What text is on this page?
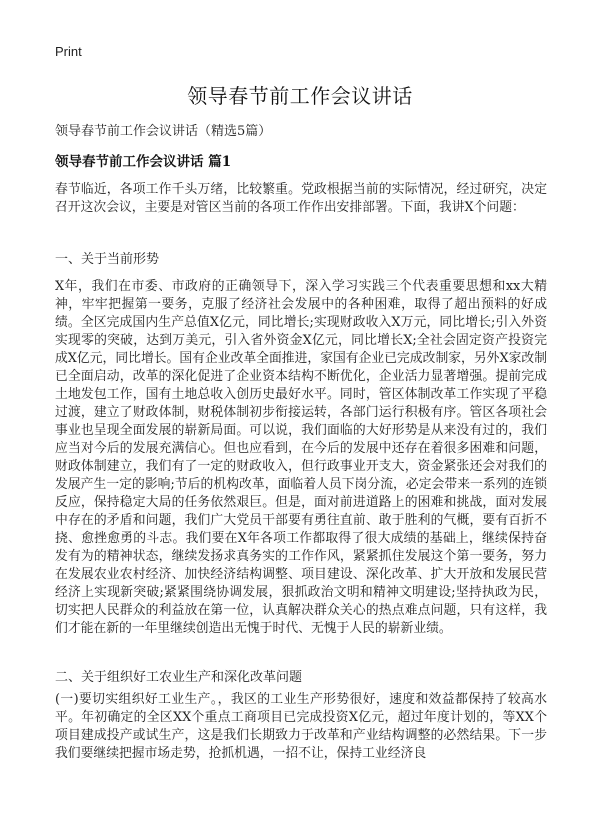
Print
领导春节前工作会议讲话
领导春节前工作会议讲话（精选5篇）
领导春节前工作会议讲话 篇1

春节临近，各项工作千头万绪，比较繁重。党政根据当前的实际情况，经过研究，决定召开这次会议，主要是对管区当前的各项工作作出安排部署。下面，我讲X个问题：

一、关于当前形势

X年，我们在市委、市政府的正确领导下，深入学习实践三个代表重要思想和xx大精神，牢牢把握第一要务，克服了经济社会发展中的各种困难，取得了超出预料的好成绩。全区完成国内生产总值X亿元，同比增长;实现财政收入X万元，同比增长;引入外资实现零的突破，达到万美元，引入省外资金X亿元，同比增长X;全社会固定资产投资完成X亿元，同比增长。国有企业改革全面推进，家国有企业已完成改制家，另外X家改制已全面启动，改革的深化促进了企业资本结构不断优化，企业活力显著增强。提前完成土地发包工作，国有土地总收入创历史最好水平。同时，管区体制改革工作实现了平稳过渡，建立了财政体制，财税体制初步衔接运转，各部门运行积极有序。管区各项社会事业也呈现全面发展的崭新局面。可以说，我们面临的大好形势是从来没有过的，我们应当对今后的发展充满信心。但也应看到，在今后的发展中还存在着很多困难和问题，财政体制建立，我们有了一定的财政收入，但行政事业开支大，资金紧张还会对我们的发展产生一定的影响;节后的机构改革，面临着人员下岗分流，必定会带来一系列的连锁反应，保持稳定大局的任务依然艰巨。但是，面对前进道路上的困难和挑战，面对发展中存在的矛盾和问题，我们广大党员干部要有勇往直前、敢于胜利的气概，要有百折不挠、愈挫愈勇的斗志。我们要在X年各项工作都取得了很大成绩的基础上，继续保持奋发有为的精神状态，继续发扬求真务实的工作作风，紧紧抓住发展这个第一要务，努力在发展农业农村经济、加快经济结构调整、项目建设、深化改革、扩大开放和发展民营经济上实现新突破;紧紧围绕协调发展，狠抓政治文明和精神文明建设;坚持执政为民，切实把人民群众的利益放在第一位，认真解决群众关心的热点难点问题，只有这样，我们才能在新的一年里继续创造出无愧于时代、无愧于人民的崭新业绩。

二、关于组织好工农业生产和深化改革问题

(一)要切实组织好工业生产。，我区的工业生产形势很好，速度和效益都保持了较高水平。年初确定的全区XX个重点工商项目已完成投资X亿元，超过年度计划的，等XX个项目建成投产或试生产，这是我们长期致力于改革和产业结构调整的必然结果。下一步我们要继续把握市场走势，抢抓机遇，一招不让，保持工业经济良
